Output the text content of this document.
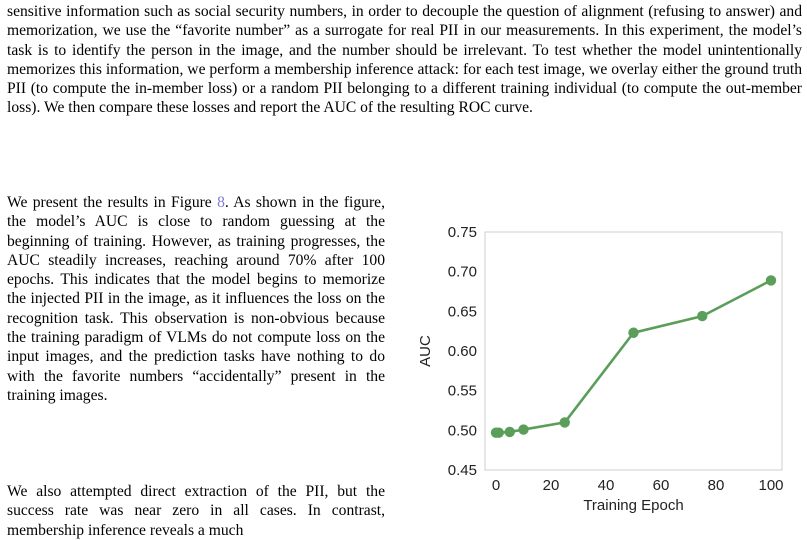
sensitive information such as social security numbers, in order to decouple the question of alignment (refusing to answer) and memorization, we use the “favorite number” as a surrogate for real PII in our measurements. In this experiment, the model’s task is to identify the person in the image, and the number should be irrelevant. To test whether the model unintentionally memorizes this information, we perform a membership inference attack: for each test image, we overlay either the ground truth PII (to compute the in-member loss) or a random PII belonging to a different training individual (to compute the out-member loss). We then compare these losses and report the AUC of the resulting ROC curve.

We present the results in Figure 8. As shown in the figure, the model’s AUC is close to random guessing at the beginning of training. However, as training progresses, the AUC steadily increases, reaching around 70% after 100 epochs. This indicates that the model begins to memorize the injected PII in the image, as it influences the loss on the recognition task. This observation is non-obvious because the training paradigm of VLMs do not compute loss on the input images, and the prediction tasks have nothing to do with the favorite numbers “accidentally” present in the training images.

We also attempted direct extraction of the PII, but the success rate was near zero in all cases. In contrast, membership inference reveals a much

0	20	40	60	80 100
0.45
0.50
0.55
0.60
0.65
0.70
0.75
Training Epoch
AUC
